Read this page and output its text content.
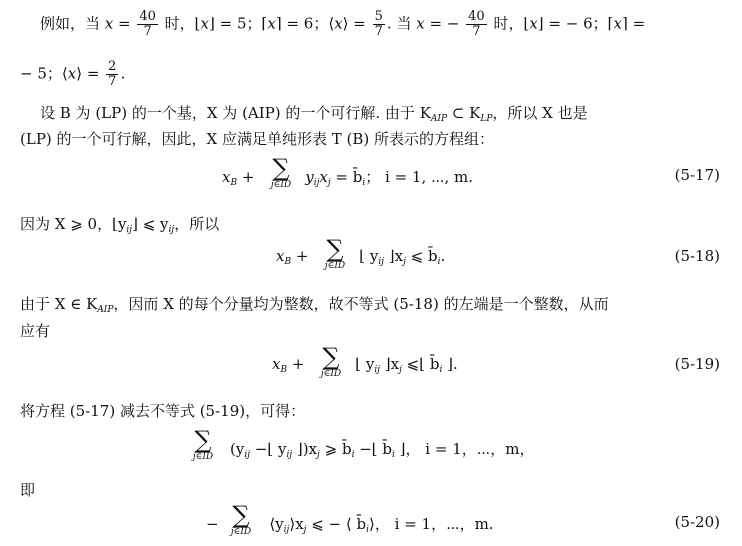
例如，当 $x = \frac{40}{7}$ 时，⌊x⌋ = 5；⌈x⌉ = 6；⟨x⟩ = $\frac{5}{7}$ . 当 x = − $\frac{40}{7}$ 时，⌊x⌋ = − 6；⌈x⌉ =
− 5；⟨x⟩ = $\frac{2}{7}$ .
设 B 为 (LP) 的一个基，X 为 (AIP) 的一个可行解. 由于 $K_{AIP}$ ⊂ $K_{LP}$，所以 X 也是
(LP) 的一个可行解，因此，X 应满足单纯形表 T (B) 所表示的方程组：
$x_B$ +	$y_{ij}x_j$ = $b̄_i$； i = 1, ⋯, m.
∑
j∈ID
(5-17)
因为 X ⩾ 0，$⌊y_{ij}⌋$ ⩽ $y_{ij}$，所以
$x_B$ +	⌊ $y_{ij}$ $⌋x_j$ ⩽ $b̄_i$.
∑
j∈ID
(5-18)
由于 X ∈ $K_{AIP}$，因而 X 的每个分量均为整数，故不等式 (5-18) 的左端是一个整数，从而
应有
$x_B$ +	⌊ $y_{ij}$ $⌋x_j$ ⩽⌊ $b̄_i$ ⌋.
∑
j∈ID
(5-19)
将方程 (5-17) 减去不等式 (5-19)，可得：
($y_{ij}$ −⌊ $y_{ij}$ $⌋)x_j$ ⩾ $b̄_i$ −⌊ $b̄_i$ ⌋， i = 1，⋯，m，
∑
j∈ID
即
−	$⟨y_{ij}⟩x_j$ ⩽ − ⟨ $b̄_i⟩$， i = 1，⋯，m.
∑
j∈ID
(5-20)
